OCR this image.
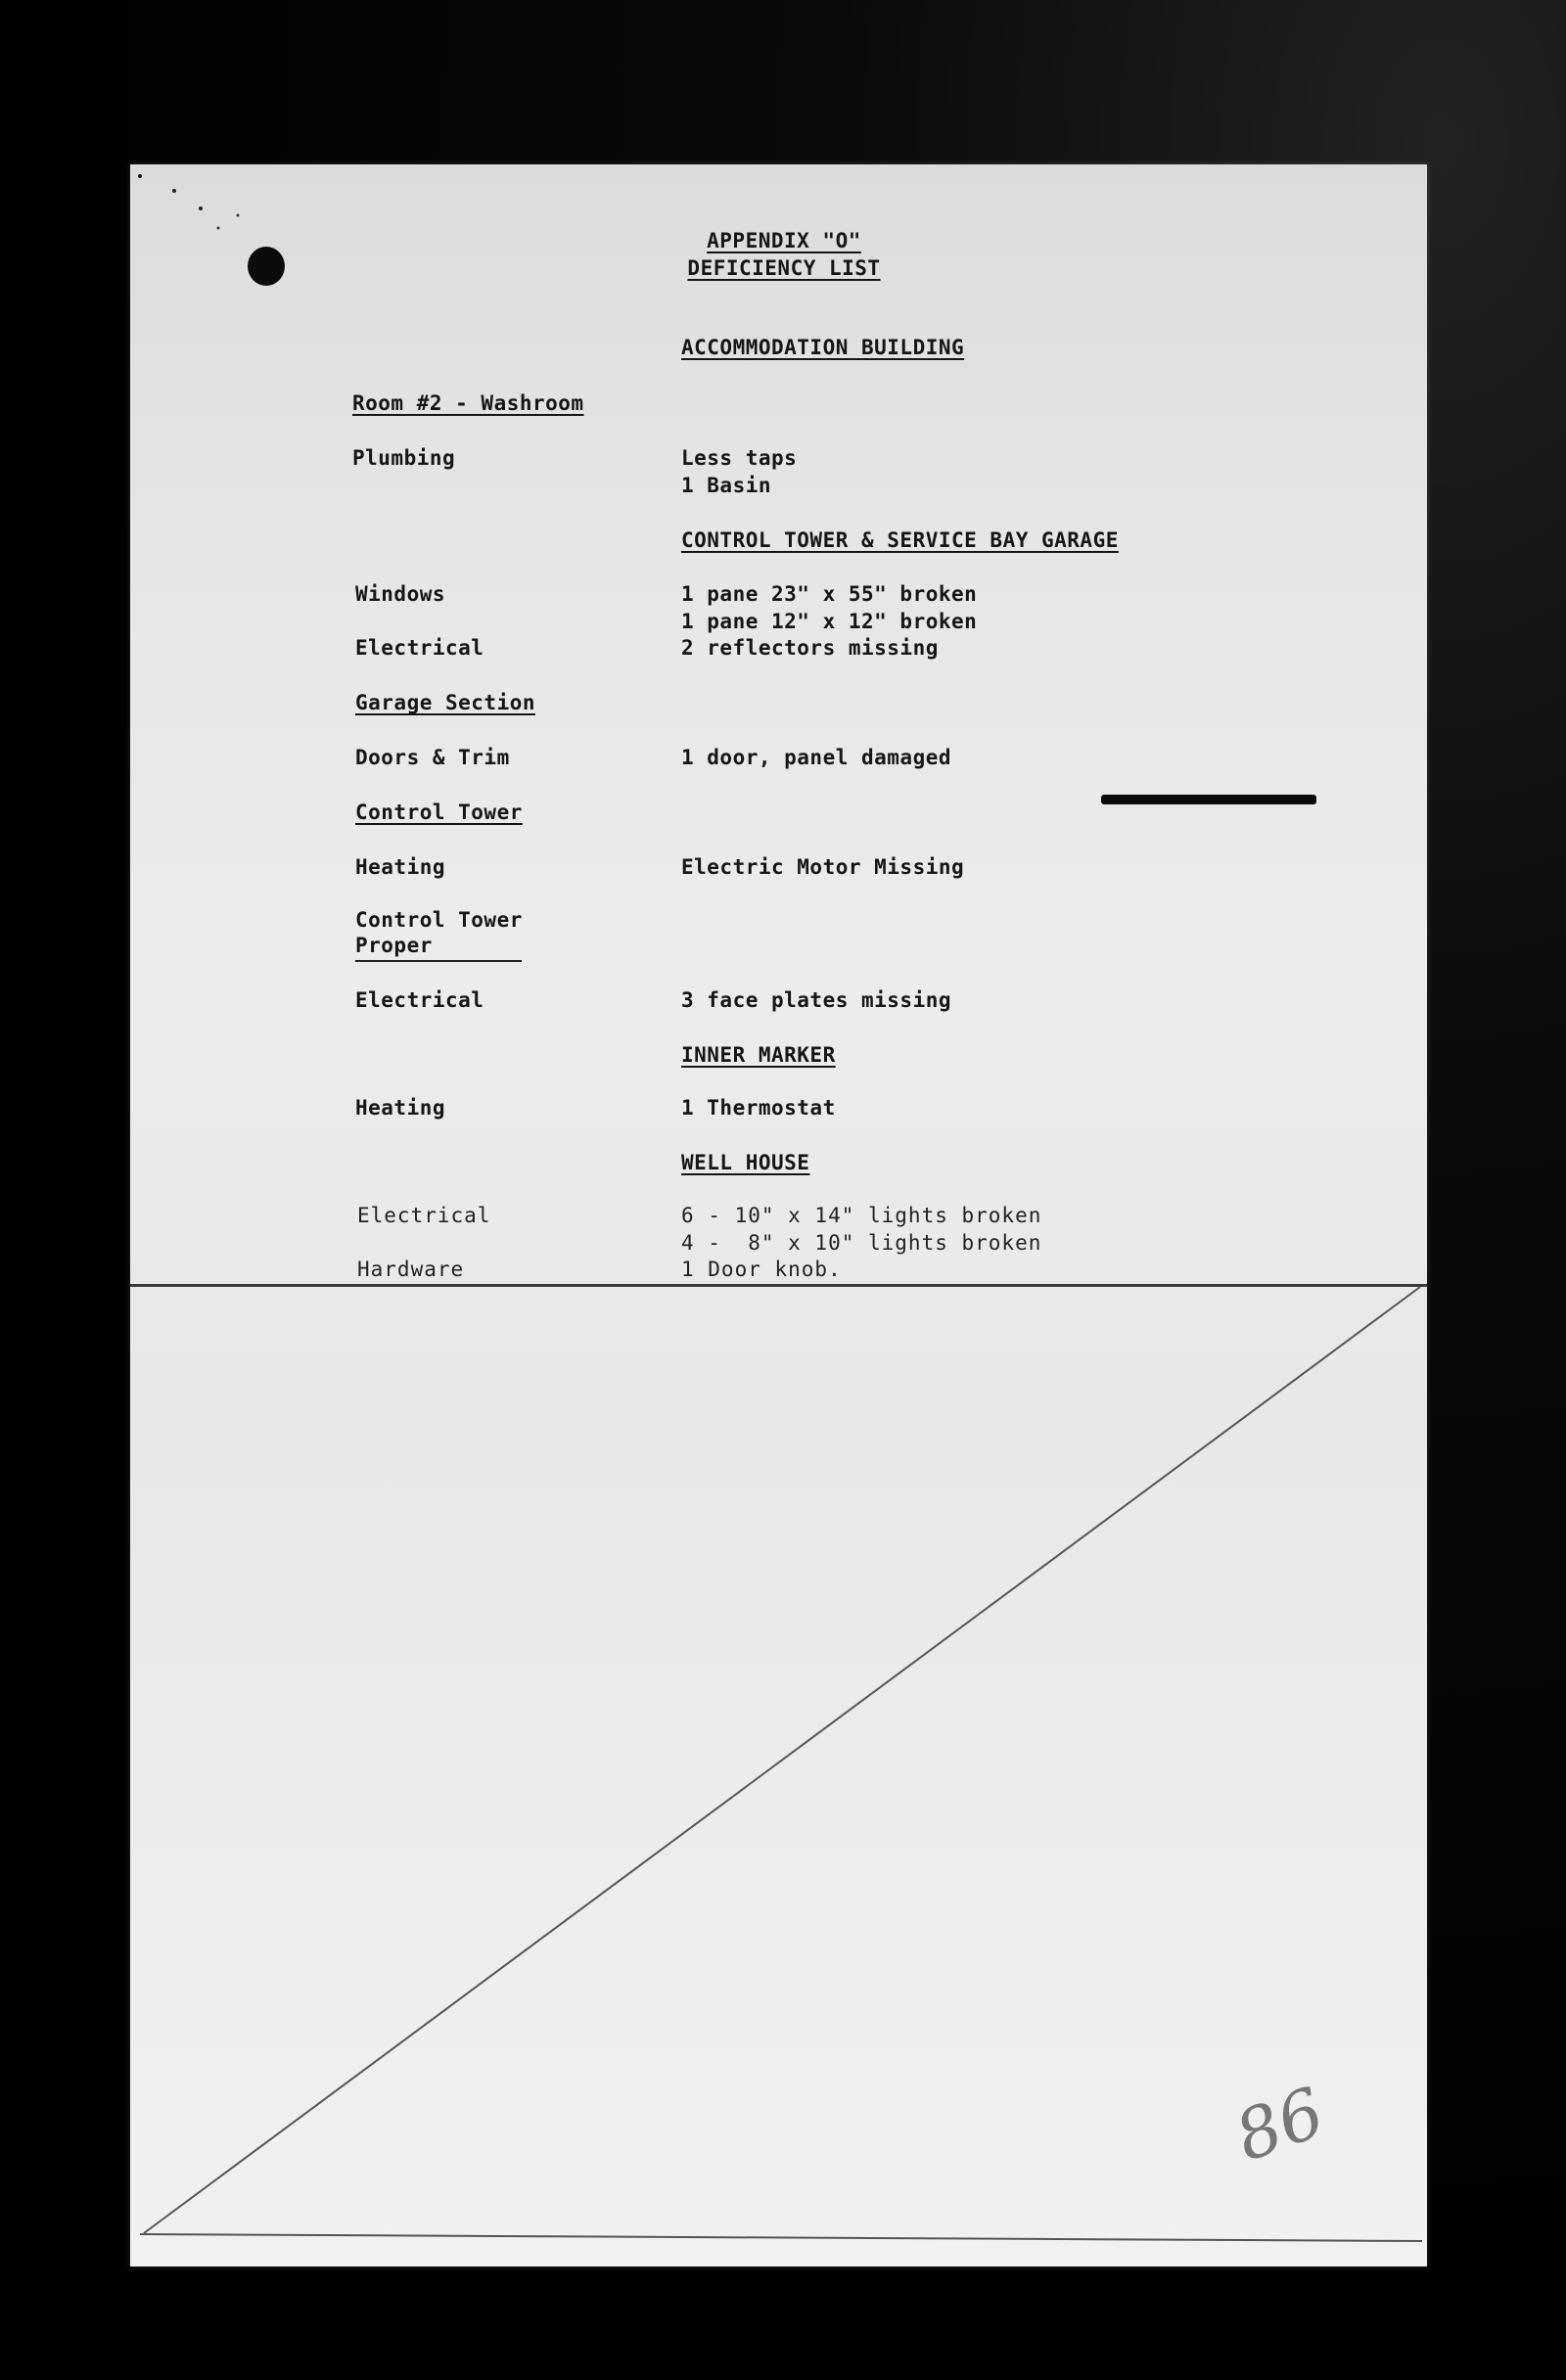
APPENDIX "O"
DEFICIENCY LIST
ACCOMMODATION BUILDING
Room #2 - Washroom
Plumbing	Less taps
1 Basin
CONTROL TOWER & SERVICE BAY GARAGE
Windows	1 pane 23" x 55" broken
1 pane 12" x 12" broken
Electrical	2 reflectors missing
Garage Section
Doors & Trim	1 door, panel damaged
Control Tower
Heating	Electric Motor Missing
Control Tower
Proper
Electrical	3 face plates missing
INNER MARKER
Heating	1 Thermostat
WELL HOUSE
Electrical	6 - 10" x 14" lights broken
4 -  8" x 10" lights broken
Hardware	1 Door knob.
86
